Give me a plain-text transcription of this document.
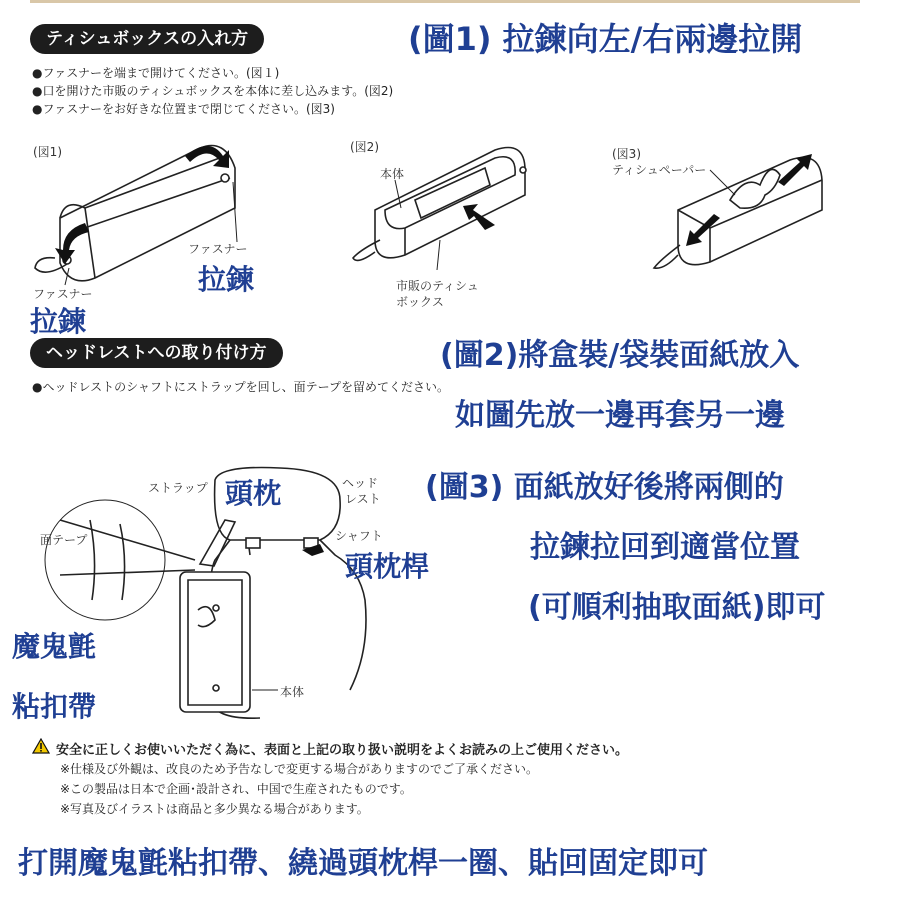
ティシュボックスの入れ方	(圖1) 拉鍊向左/右兩邊拉開
●ファスナーを端まで開けてください。(図１)
●口を開けた市販のティシュボックスを本体に差し込みます。(図2)
●ファスナーをお好きな位置まで閉じてください。(図3)
(図1)
ファスナー
ファスナー	拉鍊
拉鍊
(図2)
本体
市販のティシュ
ボックス
(図3)
ティシュペーパー
ヘッドレストへの取り付け方	(圖2)將盒裝/袋裝面紙放入
●ヘッドレストのシャフトにストラップを回し、面テープを留めてください。
如圖先放一邊再套另一邊
(圖3) 面紙放好後將兩側的
拉鍊拉回到適當位置
(可順利抽取面紙)即可
ストラップ 頭枕	ヘッド
レスト
シャフト
面テープ
頭枕桿
魔鬼氈
粘扣帶	本体
安全に正しくお使いいただく為に、表面と上記の取り扱い説明をよくお読みの上ご使用ください。
※仕様及び外観は、改良のため予告なしで変更する場合がありますのでご了承ください。
※この製品は日本で企画･設計され、中国で生産されたものです。
※写真及びイラストは商品と多少異なる場合があります。
打開魔鬼氈粘扣帶、繞過頭枕桿一圈、貼回固定即可
